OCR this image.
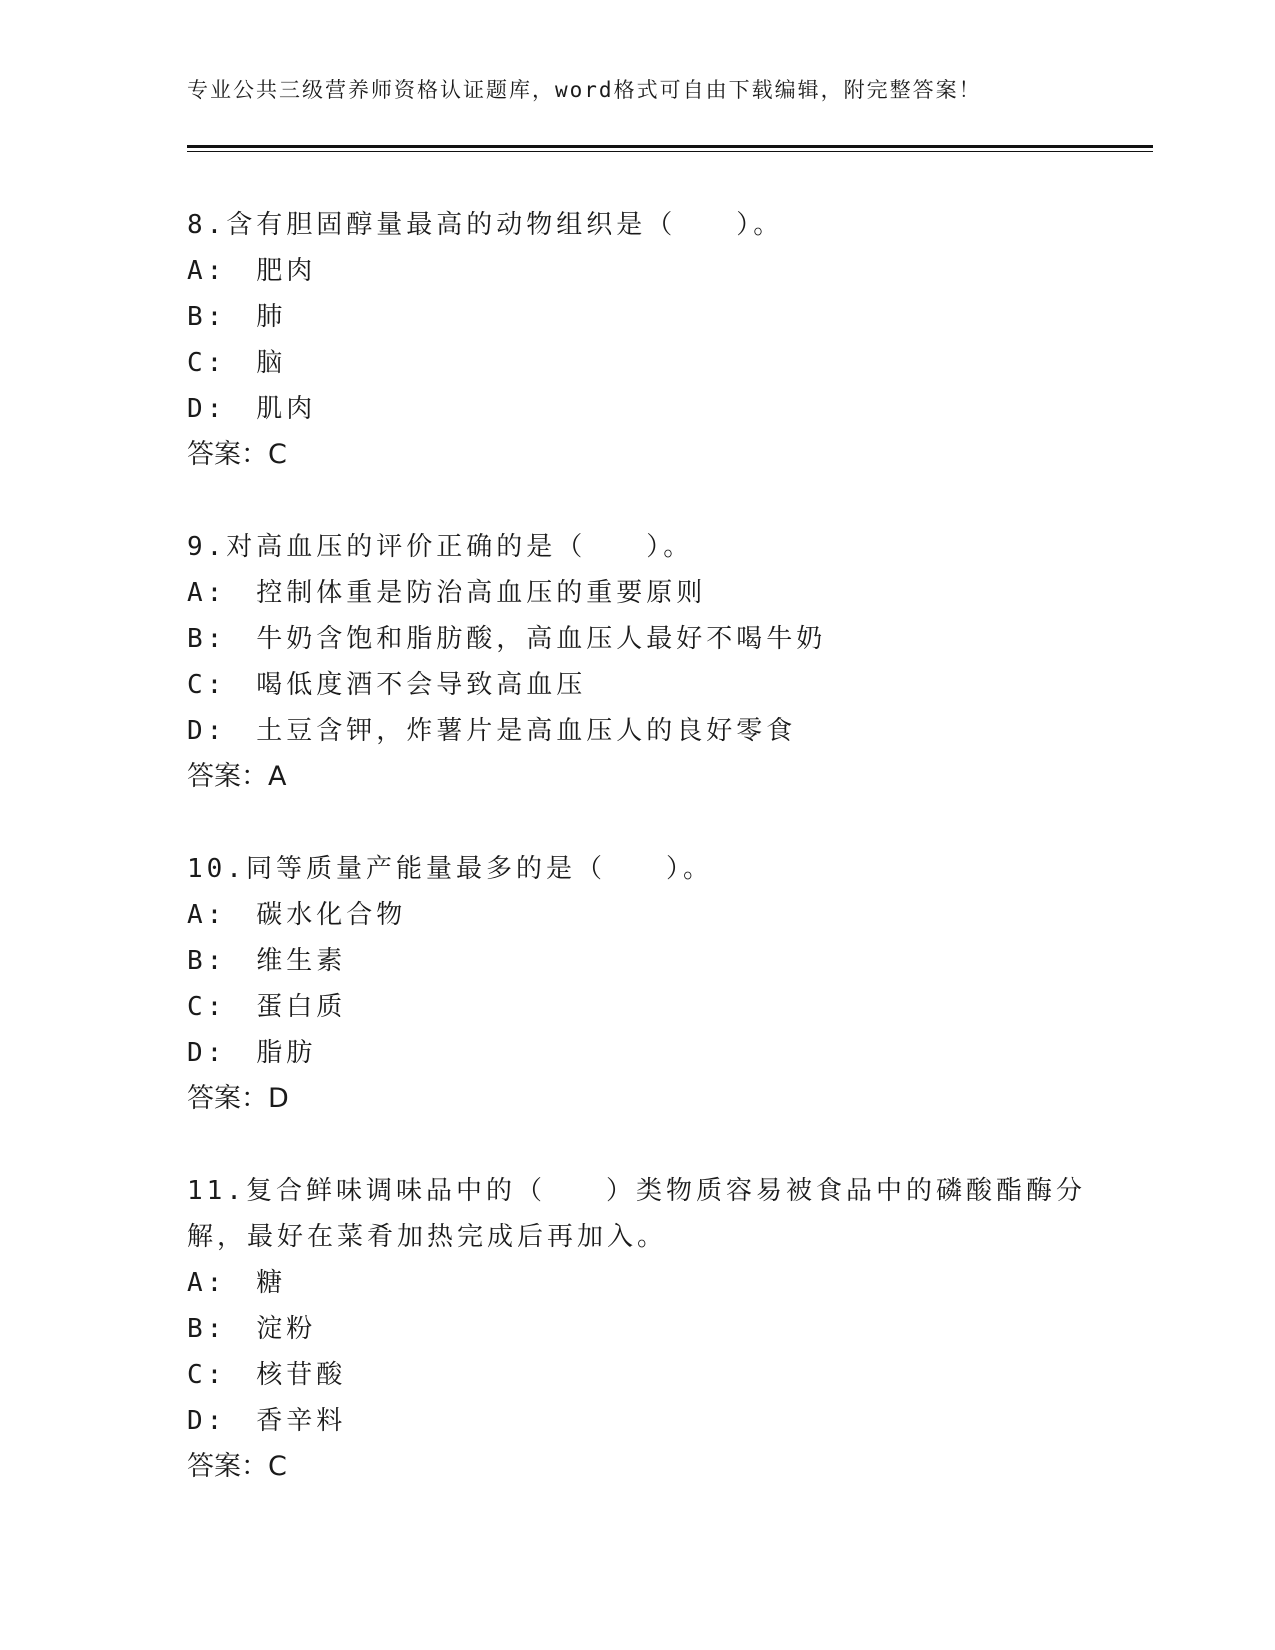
专业公共三级营养师资格认证题库，word格式可自由下载编辑，附完整答案！
8.含有胆固醇量最高的动物组织是（　　）。
A:　肥肉
B:　肺
C:　脑
D:　肌肉
答案：C
9.对高血压的评价正确的是（　　）。
A:　控制体重是防治高血压的重要原则
B:　牛奶含饱和脂肪酸，高血压人最好不喝牛奶
C:　喝低度酒不会导致高血压
D:　土豆含钾，炸薯片是高血压人的良好零食
答案：A
10.同等质量产能量最多的是（　　）。
A:　碳水化合物
B:　维生素
C:　蛋白质
D:　脂肪
答案：D
11.复合鲜味调味品中的（　　）类物质容易被食品中的磷酸酯酶分解，最好在菜肴加热完成后再加入。
A:　糖
B:　淀粉
C:　核苷酸
D:　香辛料
答案：C
